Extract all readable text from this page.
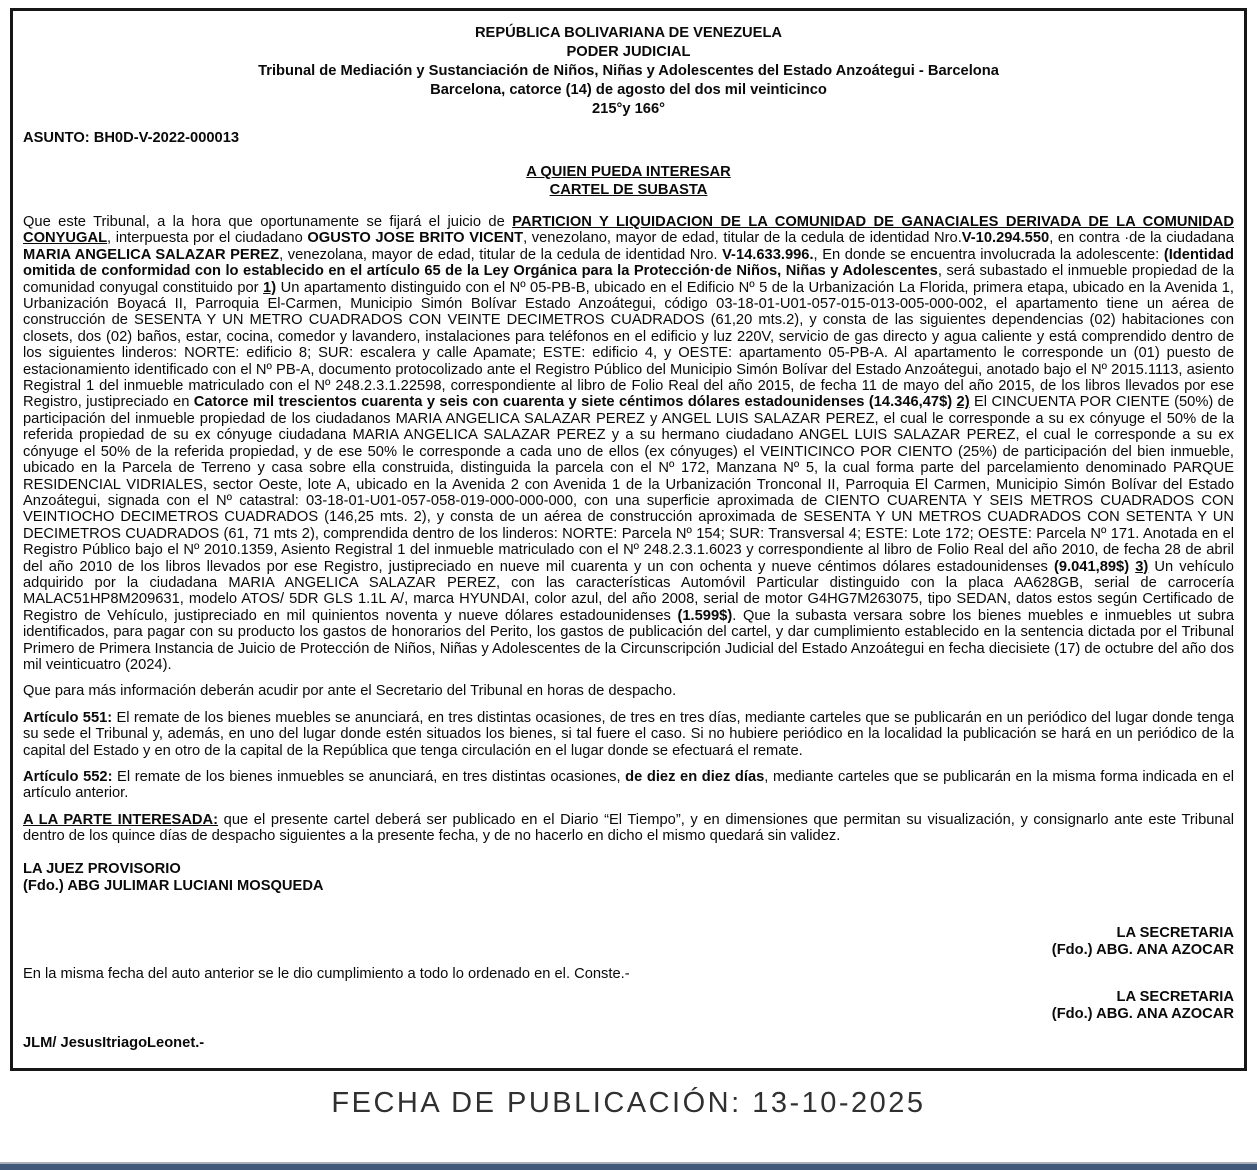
REPÚBLICA BOLIVARIANA DE VENEZUELA
PODER JUDICIAL
Tribunal de Mediación y Sustanciación de Niños, Niñas y Adolescentes del Estado Anzoátegui - Barcelona
Barcelona, catorce (14) de agosto del dos mil veinticinco
215°y 166°
ASUNTO: BH0D-V-2022-000013
A QUIEN PUEDA INTERESAR
CARTEL DE SUBASTA

Que este Tribunal, a la hora que oportunamente se fijará el juicio de PARTICION Y LIQUIDACION DE LA COMUNIDAD DE GANACIALES DERIVADA DE LA COMUNIDAD CONYUGAL, interpuesta por el ciudadano OGUSTO JOSE BRITO VICENT, venezolano, mayor de edad, titular de la cedula de identidad Nro.V-10.294.550, en contra ·de la ciudadana MARIA ANGELICA SALAZAR PEREZ, venezolana, mayor de edad, titular de la cedula de identidad Nro. V-14.633.996., En donde se encuentra involucrada la adolescente: (Identidad omitida de conformidad con lo establecido en el artículo 65 de la Ley Orgánica para la Protección·de Niños, Niñas y Adolescentes, será subastado el inmueble propiedad de la comunidad conyugal constituido por 1) Un apartamento distinguido con el Nº 05-PB-B, ubicado en el Edificio Nº 5 de la Urbanización La Florida, primera etapa, ubicado en la Avenida 1, Urbanización Boyacá II, Parroquia El-Carmen, Municipio Simón Bolívar Estado Anzoátegui, código 03-18-01-U01-057-015-013-005-000-002, el apartamento tiene un aérea de construcción de SESENTA Y UN METRO CUADRADOS CON VEINTE DECIMETROS CUADRADOS (61,20 mts.2), y consta de las siguientes dependencias (02) habitaciones con closets, dos (02) baños, estar, cocina, comedor y lavandero, instalaciones para teléfonos en el edificio y luz 220V, servicio de gas directo y agua caliente y está comprendido dentro de los siguientes linderos: NORTE: edificio 8; SUR: escalera y calle Apamate; ESTE: edificio 4, y OESTE: apartamento 05-PB-A. Al apartamento le corresponde un (01) puesto de estacionamiento identificado con el Nº PB-A, documento protocolizado ante el Registro Público del Municipio Simón Bolívar del Estado Anzoátegui, anotado bajo el Nº 2015.1113, asiento Registral 1 del inmueble matriculado con el Nº 248.2.3.1.22598, correspondiente al libro de Folio Real del año 2015, de fecha 11 de mayo del año 2015, de los libros llevados por ese Registro, justipreciado en Catorce mil trescientos cuarenta y seis con cuarenta y siete céntimos dólares estadounidenses (14.346,47$) 2) El CINCUENTA POR CIENTE (50%) de participación del inmueble propiedad de los ciudadanos MARIA ANGELICA SALAZAR PEREZ y ANGEL LUIS SALAZAR PEREZ, el cual le corresponde a su ex cónyuge el 50% de la referida propiedad de su ex cónyuge ciudadana MARIA ANGELICA SALAZAR PEREZ y a su hermano ciudadano ANGEL LUIS SALAZAR PEREZ, el cual le corresponde a su ex cónyuge el 50% de la referida propiedad, y de ese 50% le corresponde a cada uno de ellos (ex cónyuges) el VEINTICINCO POR CIENTO (25%) de participación del bien inmueble, ubicado en la Parcela de Terreno y casa sobre ella construida, distinguida la parcela con el Nº 172, Manzana Nº 5, la cual forma parte del parcelamiento denominado PARQUE RESIDENCIAL VIDRIALES, sector Oeste, lote A, ubicado en la Avenida 2 con Avenida 1 de la Urbanización Tronconal II, Parroquia El Carmen, Municipio Simón Bolívar del Estado Anzoátegui, signada con el Nº catastral: 03-18-01-U01-057-058-019-000-000-000, con una superficie aproximada de CIENTO CUARENTA Y SEIS METROS CUADRADOS CON VEINTIOCHO DECIMETROS CUADRADOS (146,25 mts. 2), y consta de un aérea de construcción aproximada de SESENTA Y UN METROS CUADRADOS CON SETENTA Y UN DECIMETROS CUADRADOS (61, 71 mts 2), comprendida dentro de los linderos: NORTE: Parcela Nº 154; SUR: Transversal 4; ESTE: Lote 172; OESTE: Parcela Nº 171. Anotada en el Registro Público bajo el Nº 2010.1359, Asiento Registral 1 del inmueble matriculado con el Nº 248.2.3.1.6023 y correspondiente al libro de Folio Real del año 2010, de fecha 28 de abril del año 2010 de los libros llevados por ese Registro, justipreciado en nueve mil cuarenta y un con ochenta y nueve céntimos dólares estadounidenses (9.041,89$) 3) Un vehículo adquirido por la ciudadana MARIA ANGELICA SALAZAR PEREZ, con las características Automóvil Particular distinguido con la placa AA628GB, serial de carrocería MALAC51HP8M209631, modelo ATOS/ 5DR GLS 1.1L A/, marca HYUNDAI, color azul, del año 2008, serial de motor G4HG7M263075, tipo SEDAN, datos estos según Certificado de Registro de Vehículo, justipreciado en mil quinientos noventa y nueve dólares estadounidenses (1.599$). Que la subasta versara sobre los bienes muebles e inmuebles ut subra identificados, para pagar con su producto los gastos de honorarios del Perito, los gastos de publicación del cartel, y dar cumplimiento establecido en la sentencia dictada por el Tribunal Primero de Primera Instancia de Juicio de Protección de Niños, Niñas y Adolescentes de la Circunscripción Judicial del Estado Anzoátegui en fecha diecisiete (17) de octubre del año dos mil veinticuatro (2024).

Que para más información deberán acudir por ante el Secretario del Tribunal en horas de despacho.

Artículo 551: El remate de los bienes muebles se anunciará, en tres distintas ocasiones, de tres en tres días, mediante carteles que se publicarán en un periódico del lugar donde tenga su sede el Tribunal y, además, en uno del lugar donde estén situados los bienes, si tal fuere el caso. Si no hubiere periódico en la localidad la publicación se hará en un periódico de la capital del Estado y en otro de la capital de la República que tenga circulación en el lugar donde se efectuará el remate.

Artículo 552: El remate de los bienes inmuebles se anunciará, en tres distintas ocasiones, de diez en diez días, mediante carteles que se publicarán en la misma forma indicada en el artículo anterior.

A LA PARTE INTERESADA: que el presente cartel deberá ser publicado en el Diario “El Tiempo”, y en dimensiones que permitan su visualización, y consignarlo ante este Tribunal dentro de los quince días de despacho siguientes a la presente fecha, y de no hacerlo en dicho el mismo quedará sin validez.

LA JUEZ PROVISORIO
(Fdo.) ABG JULIMAR LUCIANI MOSQUEDA
LA SECRETARIA
(Fdo.) ABG. ANA AZOCAR

En la misma fecha del auto anterior se le dio cumplimiento a todo lo ordenado en el. Conste.-

LA SECRETARIA
(Fdo.) ABG. ANA AZOCAR
JLM/ JesusItriagoLeonet.-
FECHA DE PUBLICACIÓN: 13-10-2025
